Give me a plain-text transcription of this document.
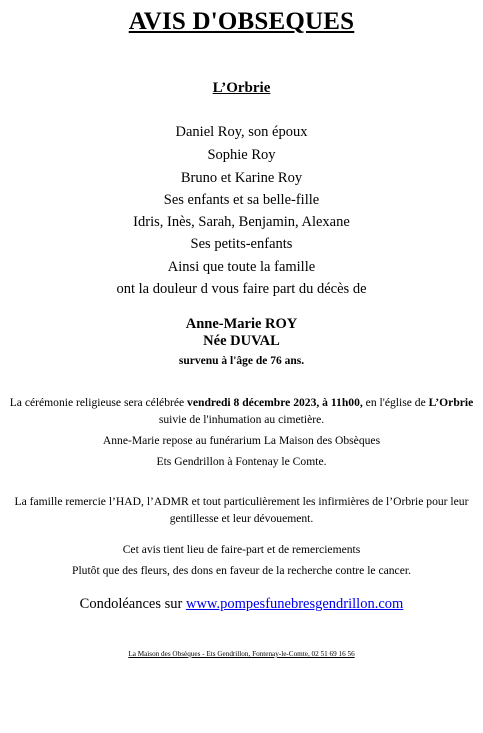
AVIS D'OBSEQUES
L’Orbrie
Daniel Roy, son époux
Sophie Roy
Bruno et Karine Roy
Ses enfants et sa belle-fille
Idris, Inès, Sarah, Benjamin, Alexane
Ses petits-enfants
Ainsi que toute la famille
ont la douleur d vous faire part du décès de
Anne-Marie ROY
Née DUVAL
survenu à l'âge de 76 ans.
La cérémonie religieuse sera célébrée vendredi 8 décembre 2023, à 11h00, en l'église de L’Orbrie suivie de l'inhumation au cimetière.
Anne-Marie repose au funérarium La Maison des Obsèques
Ets Gendrillon à Fontenay le Comte.
La famille remercie l’HAD, l’ADMR et tout particulièrement les infirmières de l’Orbrie pour leur gentillesse et leur dévouement.
Cet avis tient lieu de faire-part et de remerciements
Plutôt que des fleurs, des dons en faveur de la recherche contre le cancer.
Condoléances sur www.pompesfunebresgendrillon.com
La Maison des Obsèques - Ets Gendrillon, Fontenay-le-Comte, 02 51 69 16 56
